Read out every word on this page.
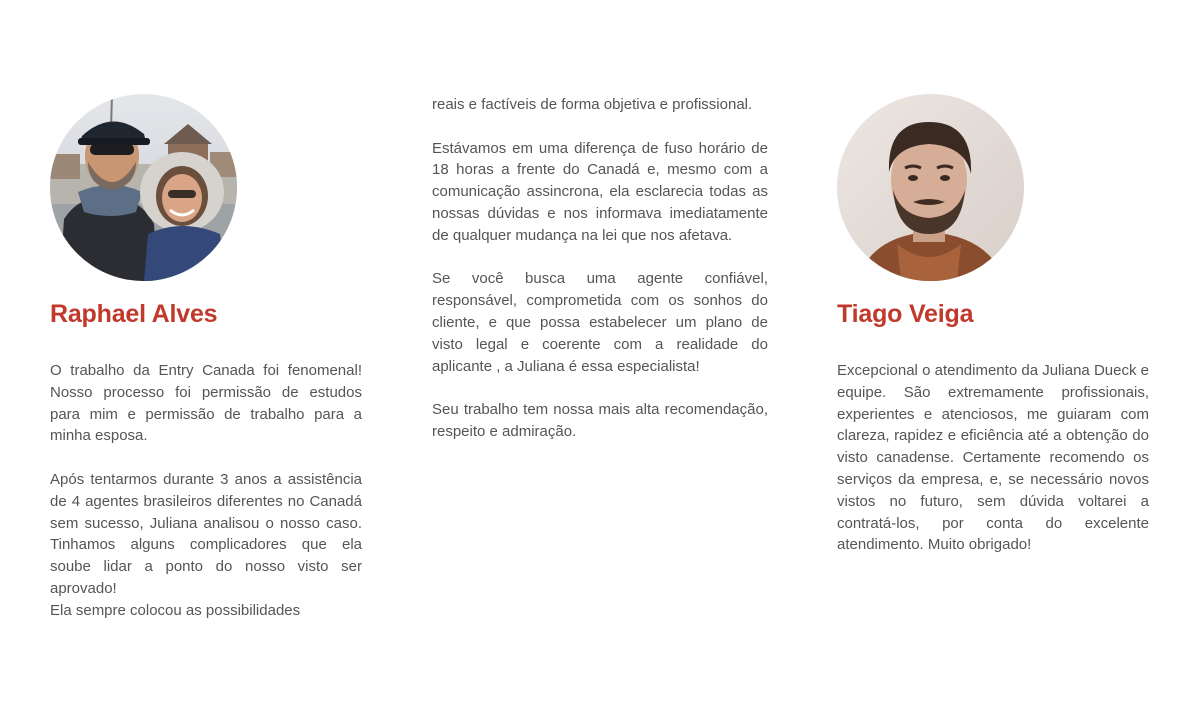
Raphael Alves

O trabalho da Entry Canada foi fenomenal! Nosso processo foi permissão de estudos para mim e permissão de trabalho para a minha esposa.

Após tentarmos durante 3 anos a assistência de 4 agentes brasileiros diferentes no Canadá sem sucesso, Juliana analisou o nosso caso. Tinhamos alguns complicadores que ela soube lidar a ponto do nosso visto ser aprovado!

Ela sempre colocou as possibilidades

reais e factíveis de forma objetiva e profissional.

Estávamos em uma diferença de fuso horário de 18 horas a frente do Canadá e, mesmo com a comunicação assincrona, ela esclarecia todas as nossas dúvidas e nos informava imediatamente de qualquer mudança na lei que nos afetava.

Se você busca uma agente confiável, responsável, comprometida com os sonhos do cliente, e que possa estabelecer um plano de visto legal e coerente com a realidade do aplicante , a Juliana é essa especialista!

Seu trabalho tem nossa mais alta recomendação, respeito e admiração.

Tiago Veiga

Excepcional o atendimento da Juliana Dueck e equipe. São extremamente profissionais, experientes e atenciosos, me guiaram com clareza, rapidez e eficiência até a obtenção do visto canadense. Certamente recomendo os serviços da empresa, e, se necessário novos vistos no futuro, sem dúvida voltarei a contratá-los, por conta do excelente atendimento. Muito obrigado!
